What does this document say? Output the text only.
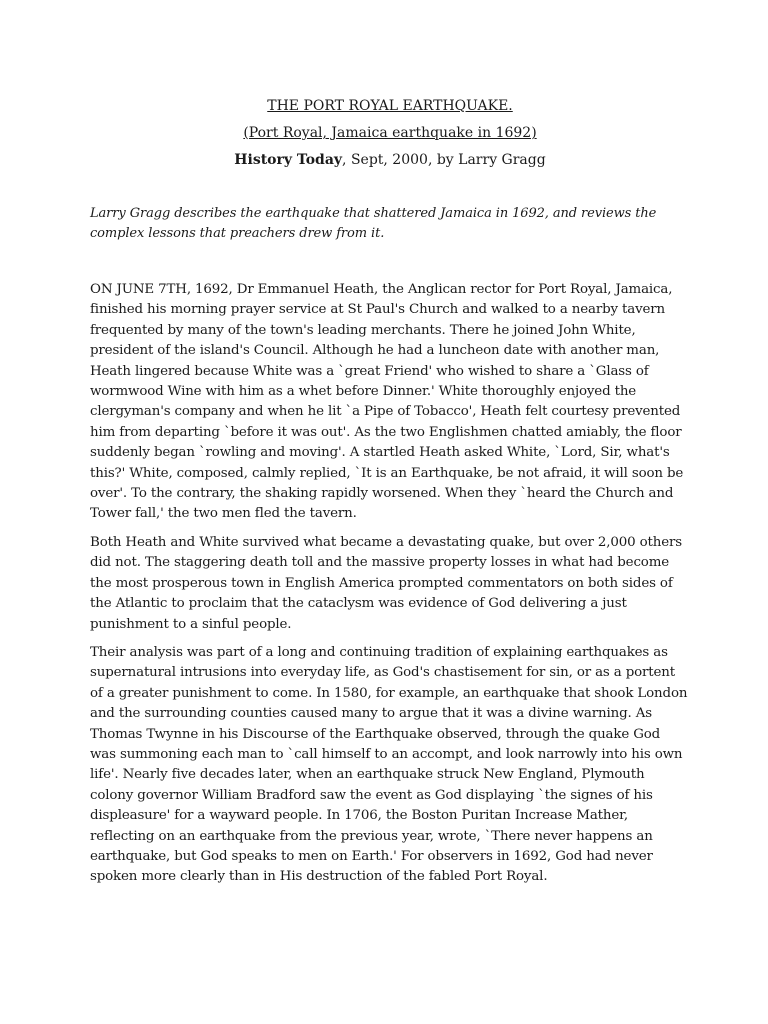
THE PORT ROYAL EARTHQUAKE.
(Port Royal, Jamaica earthquake in 1692)
History Today, Sept, 2000, by Larry Gragg

Larry Gragg describes the earthquake that shattered Jamaica in 1692, and reviews the complex lessons that preachers drew from it.

ON JUNE 7TH, 1692, Dr Emmanuel Heath, the Anglican rector for Port Royal, Jamaica, finished his morning prayer service at St Paul's Church and walked to a nearby tavern frequented by many of the town's leading merchants. There he joined John White, president of the island's Council. Although he had a luncheon date with another man, Heath lingered because White was a `great Friend' who wished to share a `Glass of wormwood Wine with him as a whet before Dinner.' White thoroughly enjoyed the clergyman's company and when he lit `a Pipe of Tobacco', Heath felt courtesy prevented him from departing `before it was out'. As the two Englishmen chatted amiably, the floor suddenly began `rowling and moving'. A startled Heath asked White, `Lord, Sir, what's this?' White, composed, calmly replied, `It is an Earthquake, be not afraid, it will soon be over'. To the contrary, the shaking rapidly worsened. When they `heard the Church and Tower fall,' the two men fled the tavern.

Both Heath and White survived what became a devastating quake, but over 2,000 others did not. The staggering death toll and the massive property losses in what had become the most prosperous town in English America prompted commentators on both sides of the Atlantic to proclaim that the cataclysm was evidence of God delivering a just punishment to a sinful people.

Their analysis was part of a long and continuing tradition of explaining earthquakes as supernatural intrusions into everyday life, as God's chastisement for sin, or as a portent of a greater punishment to come. In 1580, for example, an earthquake that shook London and the surrounding counties caused many to argue that it was a divine warning. As Thomas Twynne in his Discourse of the Earthquake observed, through the quake God was summoning each man to `call himself to an accompt, and look narrowly into his own life'. Nearly five decades later, when an earthquake struck New England, Plymouth colony governor William Bradford saw the event as God displaying `the signes of his displeasure' for a wayward people. In 1706, the Boston Puritan Increase Mather, reflecting on an earthquake from the previous year, wrote, `There never happens an earthquake, but God speaks to men on Earth.' For observers in 1692, God had never spoken more clearly than in His destruction of the fabled Port Royal.
